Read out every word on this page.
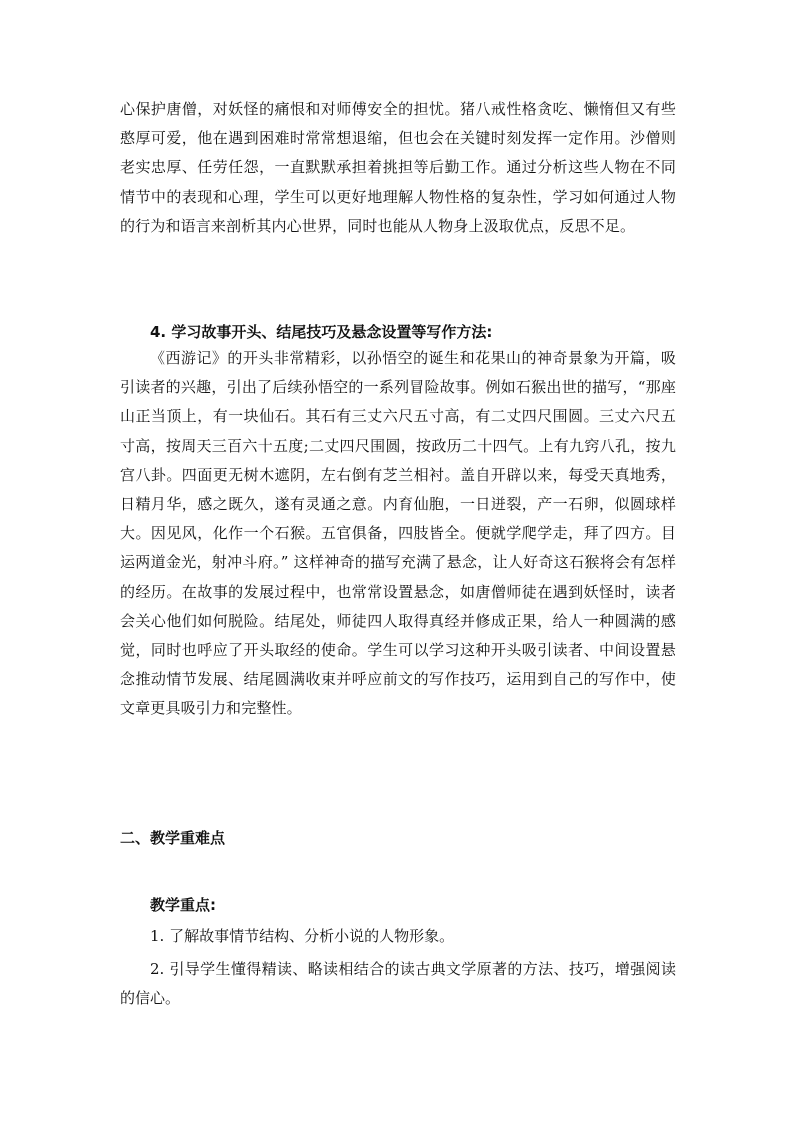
心保护唐僧，对妖怪的痛恨和对师傅安全的担忧。猪八戒性格贪吃、懒惰但又有些憨厚可爱，他在遇到困难时常常想退缩，但也会在关键时刻发挥一定作用。沙僧则老实忠厚、任劳任怨，一直默默承担着挑担等后勤工作。通过分析这些人物在不同情节中的表现和心理，学生可以更好地理解人物性格的复杂性，学习如何通过人物的行为和语言来剖析其内心世界，同时也能从人物身上汲取优点，反思不足。

4. 学习故事开头、结尾技巧及悬念设置等写作方法:

《西游记》的开头非常精彩，以孙悟空的诞生和花果山的神奇景象为开篇，吸引读者的兴趣，引出了后续孙悟空的一系列冒险故事。例如石猴出世的描写，“那座山正当顶上，有一块仙石。其石有三丈六尺五寸高，有二丈四尺围圆。三丈六尺五寸高，按周天三百六十五度;二丈四尺围圆，按政历二十四气。上有九窍八孔，按九宫八卦。四面更无树木遮阴，左右倒有芝兰相衬。盖自开辟以来，每受天真地秀，日精月华，感之既久，遂有灵通之意。内育仙胞，一日迸裂，产一石卵，似圆球样大。因见风，化作一个石猴。五官俱备，四肢皆全。便就学爬学走，拜了四方。目运两道金光，射冲斗府。” 这样神奇的描写充满了悬念，让人好奇这石猴将会有怎样的经历。在故事的发展过程中，也常常设置悬念，如唐僧师徒在遇到妖怪时，读者会关心他们如何脱险。结尾处，师徒四人取得真经并修成正果，给人一种圆满的感觉，同时也呼应了开头取经的使命。学生可以学习这种开头吸引读者、中间设置悬念推动情节发展、结尾圆满收束并呼应前文的写作技巧，运用到自己的写作中，使文章更具吸引力和完整性。

二、教学重难点
教学重点:

1. 了解故事情节结构、分析小说的人物形象。

2. 引导学生懂得精读、略读相结合的读古典文学原著的方法、技巧，增强阅读的信心。
